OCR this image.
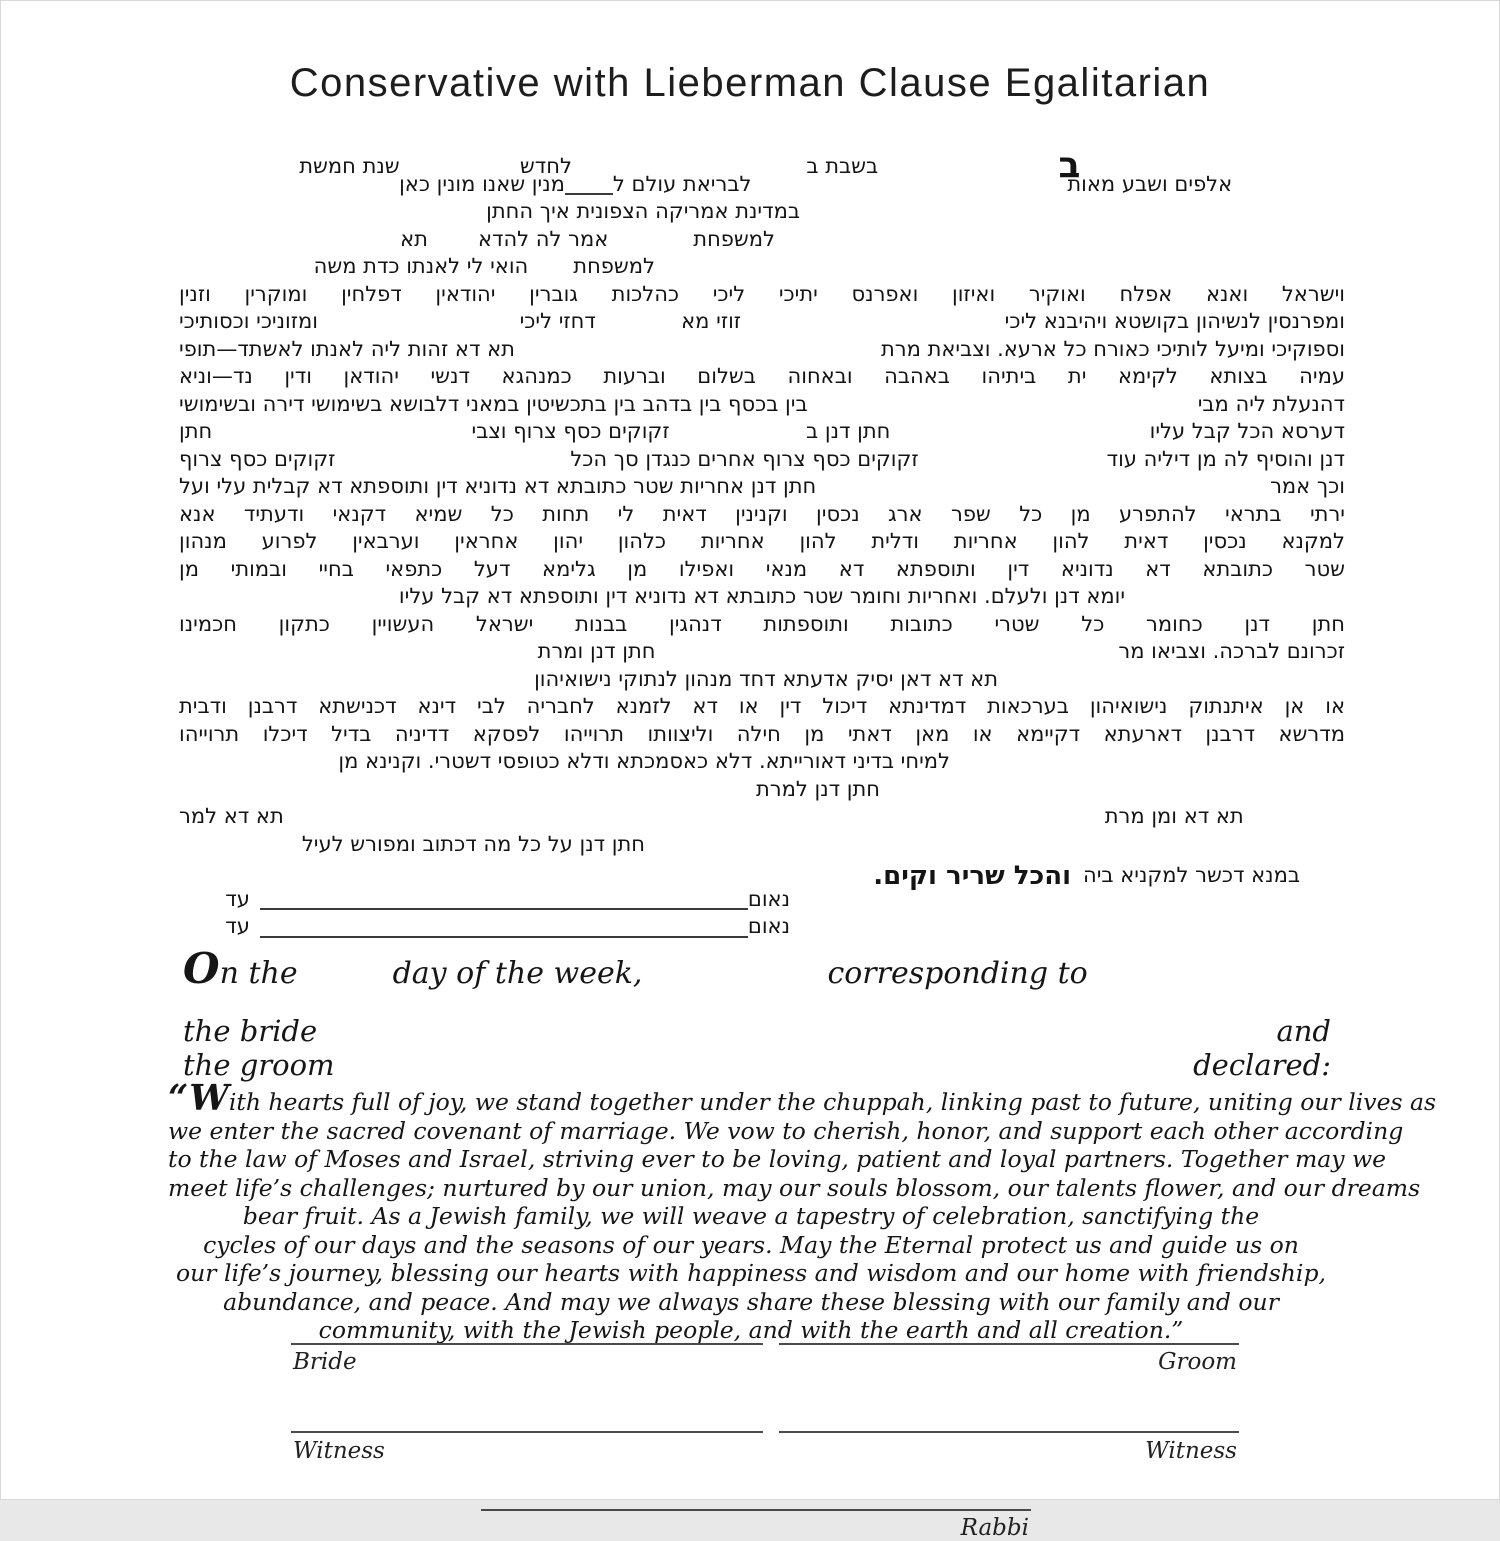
Conservative with Lieberman Clause Egalitarian
ב
בשבת ב
לחדש
שנת חמשת
אלפים ושבע מאות
לבריאת עולם ל
מנין שאנו מונין כאן
במדינת אמריקה הצפונית איך החתן
למשפחת
אמר לה להדא
תא
למשפחת
הואי לי לאנתו כדת משה
וישראל ואנא אפלח ואוקיר ואיזון ואפרנס יתיכי ליכי כהלכות גוברין יהודאין דפלחין ומוקרין וזנין
ומפרנסין לנשיהון בקושטא ויהיבנא ליכי
זוזי מא
דחזי ליכי
ומזוניכי וכסותיכי
וספוקיכי ומיעל לותיכי כאורח כל ארעא. וצביאת מרת
תא דא זהות ליה לאנתו לאשתד—תופי
עמיה בצותא לקימא ית ביתיהו באהבה ובאחוה בשלום וברעות כמנהגא דנשי יהודאן ודין נד—וניא
דהנעלת ליה מבי
בין בכסף בין בדהב בין בתכשיטין במאני דלבושא בשימושי דירה ובשימושי
דערסא הכל קבל עליו
חתן דנן ב
זקוקים כסף צרוף וצבי
חתן
דנן והוסיף לה מן דיליה עוד
זקוקים כסף צרוף אחרים כנגדן סך הכל
זקוקים כסף צרוף
וכך אמר
חתן דנן אחריות שטר כתובתא דא נדוניא דין ותוספתא דא קבלית עלי ועל
ירתי בתראי להתפרע מן כל שפר ארג נכסין וקנינין דאית לי תחות כל שמיא דקנאי ודעתיד אנא
למקנא נכסין דאית להון אחריות ודלית להון אחריות כלהון יהון אחראין וערבאין לפרוע מנהון
שטר כתובתא דא נדוניא דין ותוספתא דא מנאי ואפילו מן גלימא דעל כתפאי בחיי ובמותי מן
יומא דנן ולעלם. ואחריות וחומר שטר כתובתא דא נדוניא דין ותוספתא דא קבל עליו
חתן דנן כחומר כל שטרי כתובות ותוספתות דנהגין בבנות ישראל העשויין כתקון חכמינו
זכרונם לברכה. וצביאו מר
חתן דנן ומרת
תא דא דאן יסיק אדעתא דחד מנהון לנתוקי נישואיהון
או אן איתנתוק נישואיהון בערכאות דמדינתא דיכול דין או דא לזמנא לחבריה לבי דינא דכנישתא דרבנן ודבית
מדרשא דרבנן דארעתא דקיימא או מאן דאתי מן חילה וליצוותו תרוייהו לפסקא דדיניה בדיל דיכלו תרוייהו
למיחי בדיני דאורייתא. דלא כאסמכתא ודלא כטופסי דשטרי. וקנינא מן
חתן דנן למרת
תא דא ומן מרת
תא דא למר
חתן דנן על כל מה דכתוב ומפורש לעיל
במנא דכשר למקניא ביה
והכל שריר וקים.
נאום
עד
נאום
עד
On the	day of the week,	corresponding to
the bride	and
the groom	declared:
“With hearts full of joy, we stand together under the chuppah, linking past to future, uniting our lives as
we enter the sacred covenant of marriage. We vow to cherish, honor, and support each other according
to the law of Moses and Israel, striving ever to be loving, patient and loyal partners. Together may we
meet life’s challenges; nurtured by our union, may our souls blossom, our talents flower, and our dreams
bear fruit. As a Jewish family, we will weave a tapestry of celebration, sanctifying the
cycles of our days and the seasons of our years. May the Eternal protect us and guide us on
our life’s journey, blessing our hearts with happiness and wisdom and our home with friendship,
abundance, and peace. And may we always share these blessing with our family and our
community, with the Jewish people, and with the earth and all creation.”
Bride	Groom
Witness	Witness
Rabbi
